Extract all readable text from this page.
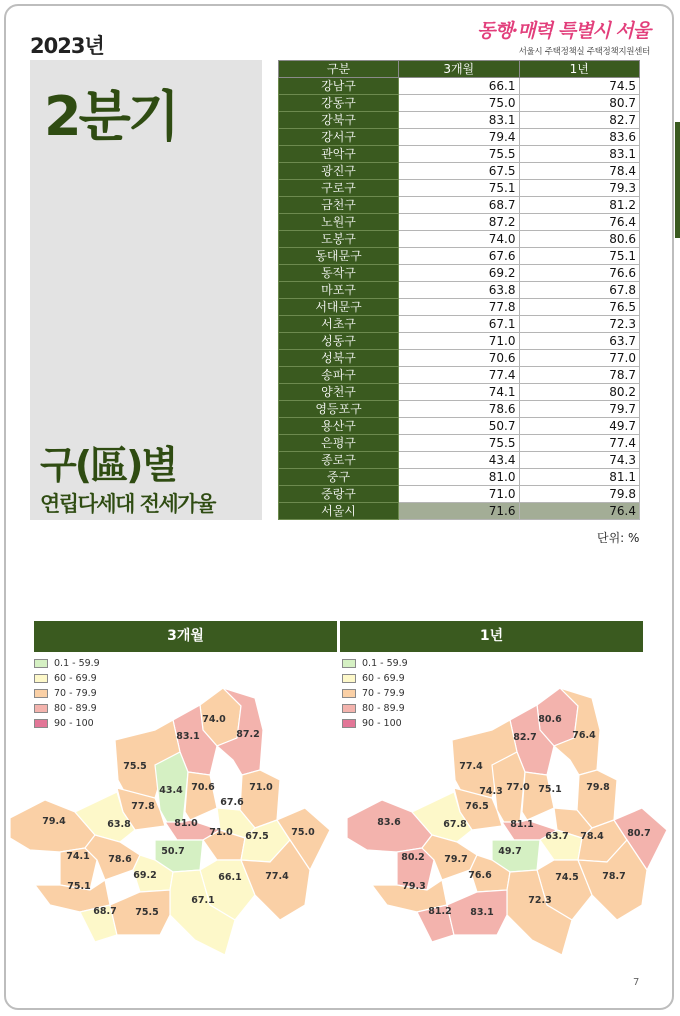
2023년
동행·매력 특별시 서울
서울시 주택정책실 주택정책지원센터
2분기
구(區)별
연립다세대 전세가율
구분	3개월	1년
강남구	66.1	74.5
강동구	75.0	80.7
강북구	83.1	82.7
강서구	79.4	83.6
관악구	75.5	83.1
광진구	67.5	78.4
구로구	75.1	79.3
금천구	68.7	81.2
노원구	87.2	76.4
도봉구	74.0	80.6
동대문구	67.6	75.1
동작구	69.2	76.6
마포구	63.8	67.8
서대문구	77.8	76.5
서초구	67.1	72.3
성동구	71.0	63.7
성북구	70.6	77.0
송파구	77.4	78.7
양천구	74.1	80.2
영등포구	78.6	79.7
용산구	50.7	49.7
은평구	75.5	77.4
종로구	43.4	74.3
중구	81.0	81.1
중랑구	71.0	79.8
서울시	71.6	76.4
단위: %
3개월	1년
0.1 - 59.9
60 - 69.9
70 - 79.9
80 - 89.9
90 - 100
0.1 - 59.9
60 - 69.9
70 - 79.9
80 - 89.9
90 - 100
74.0
83.1	87.2
75.5
43.4 70.6	71.0
77.8	67.6
79.4	63.8	81.0
71.0 67.5 75.0
50.7
74.1 78.6
69.2	66.1 77.4
75.1
67.1
68.7 75.5
80.6
82.7	76.4
77.4
74.3 77.0	79.8
76.5
75.1
83.6	67.8	81.1
63.7 78.4 80.7
49.7
80.2 79.7
76.6	74.5 78.7
79.3
72.3
81.2 83.1
7
